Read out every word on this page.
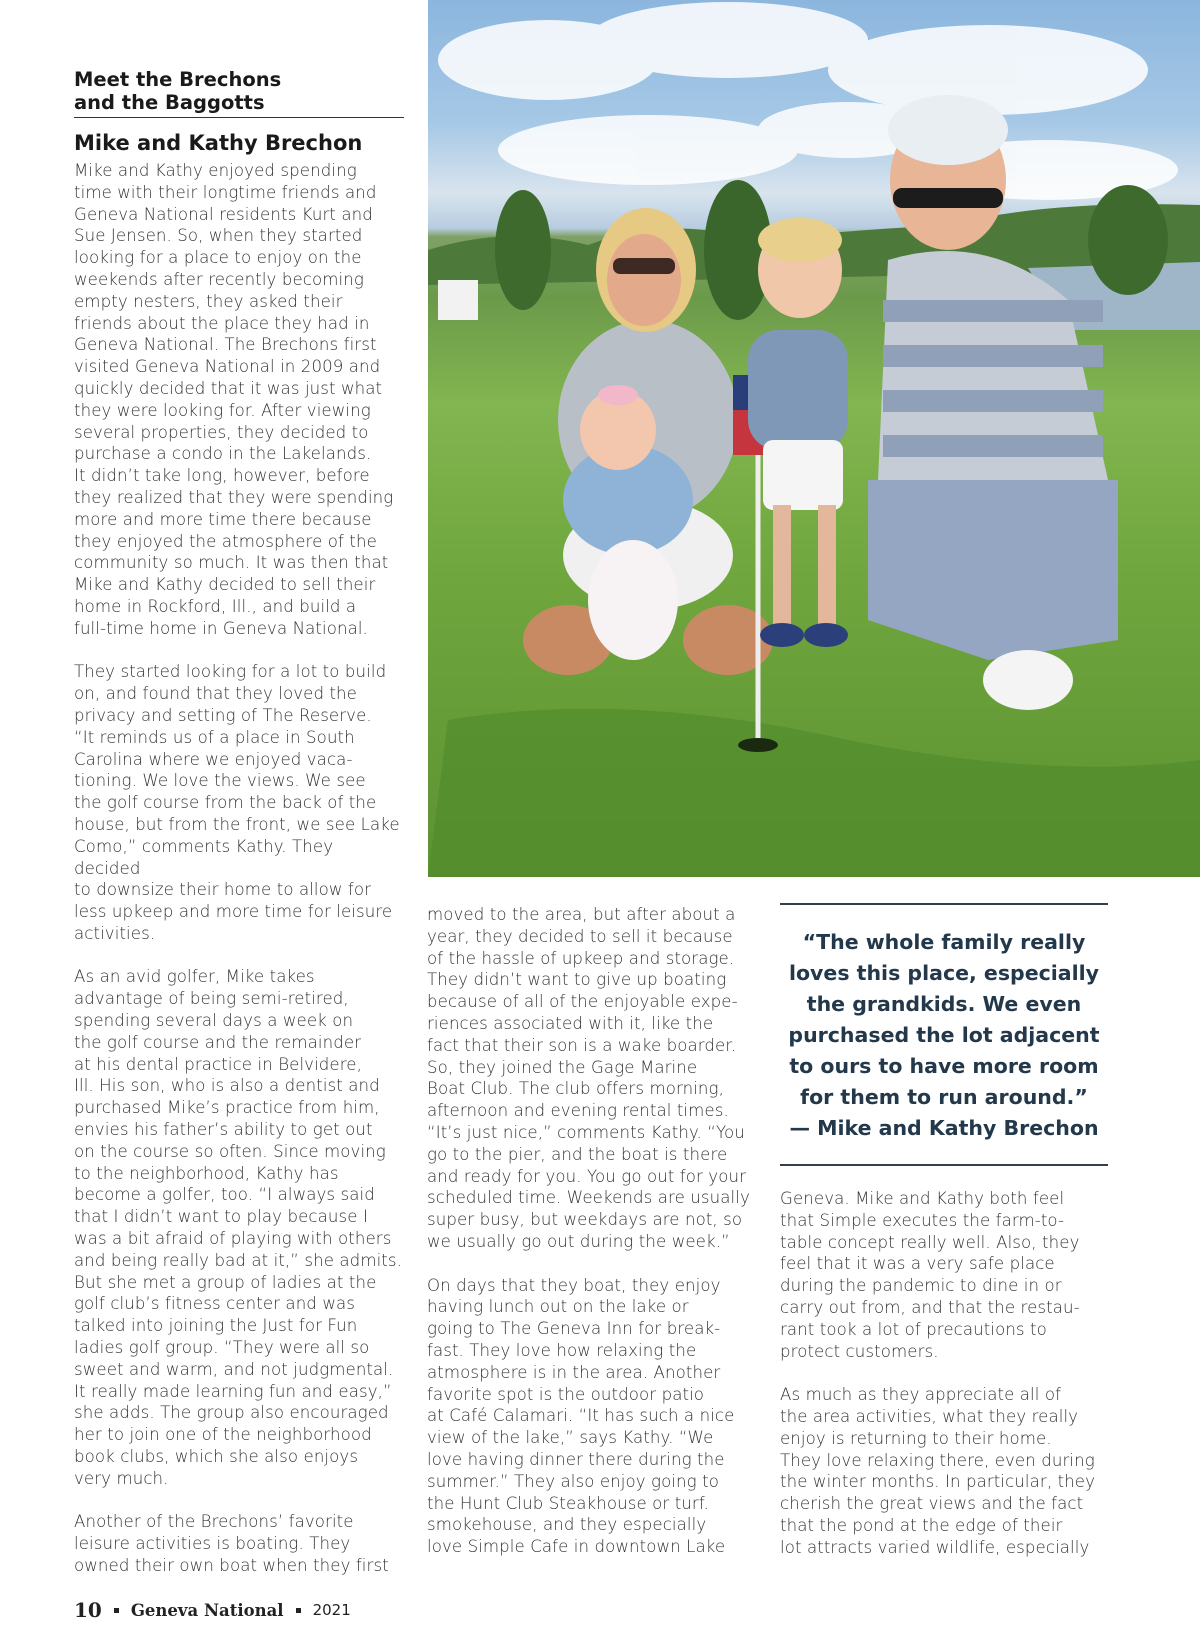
Meet the Brechons
and the Baggotts
Mike and Kathy Brechon

Mike and Kathy enjoyed spending
time with their longtime friends and
Geneva National residents Kurt and
Sue Jensen. So, when they started
looking for a place to enjoy on the
weekends after recently becoming
empty nesters, they asked their
friends about the place they had in
Geneva National. The Brechons first
visited Geneva National in 2009 and
quickly decided that it was just what
they were looking for. After viewing
several properties, they decided to
purchase a condo in the Lakelands.
It didn’t take long, however, before
they realized that they were spending
more and more time there because
they enjoyed the atmosphere of the
community so much. It was then that
Mike and Kathy decided to sell their
home in Rockford, Ill., and build a
full-time home in Geneva National.

They started looking for a lot to build
on, and found that they loved the
privacy and setting of The Reserve.
“It reminds us of a place in South
Carolina where we enjoyed vaca-
tioning. We love the views. We see
the golf course from the back of the
house, but from the front, we see Lake
Como,” comments Kathy. They decided
to downsize their home to allow for
less upkeep and more time for leisure
activities.

As an avid golfer, Mike takes
advantage of being semi-retired,
spending several days a week on
the golf course and the remainder
at his dental practice in Belvidere,
Ill. His son, who is also a dentist and
purchased Mike’s practice from him,
envies his father’s ability to get out
on the course so often. Since moving
to the neighborhood, Kathy has
become a golfer, too. “I always said
that I didn’t want to play because I
was a bit afraid of playing with others
and being really bad at it,” she admits.
But she met a group of ladies at the
golf club’s fitness center and was
talked into joining the Just for Fun
ladies golf group. “They were all so
sweet and warm, and not judgmental.
It really made learning fun and easy,”
she adds. The group also encouraged
her to join one of the neighborhood
book clubs, which she also enjoys
very much.

Another of the Brechons’ favorite
leisure activities is boating. They
owned their own boat when they first

“The whole family really loves this place, especially the grandkids. We even purchased the lot adjacent to ours to have more room for them to run around.”
— Mike and Kathy Brechon

moved to the area, but after about a
year, they decided to sell it because
of the hassle of upkeep and storage.
They didn’t want to give up boating
because of all of the enjoyable expe-
riences associated with it, like the
fact that their son is a wake boarder.
So, they joined the Gage Marine
Boat Club. The club offers morning,
afternoon and evening rental times.
“It’s just nice,” comments Kathy. “You
go to the pier, and the boat is there
and ready for you. You go out for your
scheduled time. Weekends are usually
super busy, but weekdays are not, so
we usually go out during the week.”

On days that they boat, they enjoy
having lunch out on the lake or
going to The Geneva Inn for break-
fast. They love how relaxing the
atmosphere is in the area. Another
favorite spot is the outdoor patio
at Café Calamari. “It has such a nice
view of the lake,” says Kathy. “We
love having dinner there during the
summer.” They also enjoy going to
the Hunt Club Steakhouse or turf.
smokehouse, and they especially
love Simple Cafe in downtown Lake

Geneva. Mike and Kathy both feel
that Simple executes the farm-to-
table concept really well. Also, they
feel that it was a very safe place
during the pandemic to dine in or
carry out from, and that the restau-
rant took a lot of precautions to
protect customers.

As much as they appreciate all of
the area activities, what they really
enjoy is returning to their home.
They love relaxing there, even during
the winter months. In particular, they
cherish the great views and the fact
that the pond at the edge of their
lot attracts varied wildlife, especially

10 Geneva National 2021
